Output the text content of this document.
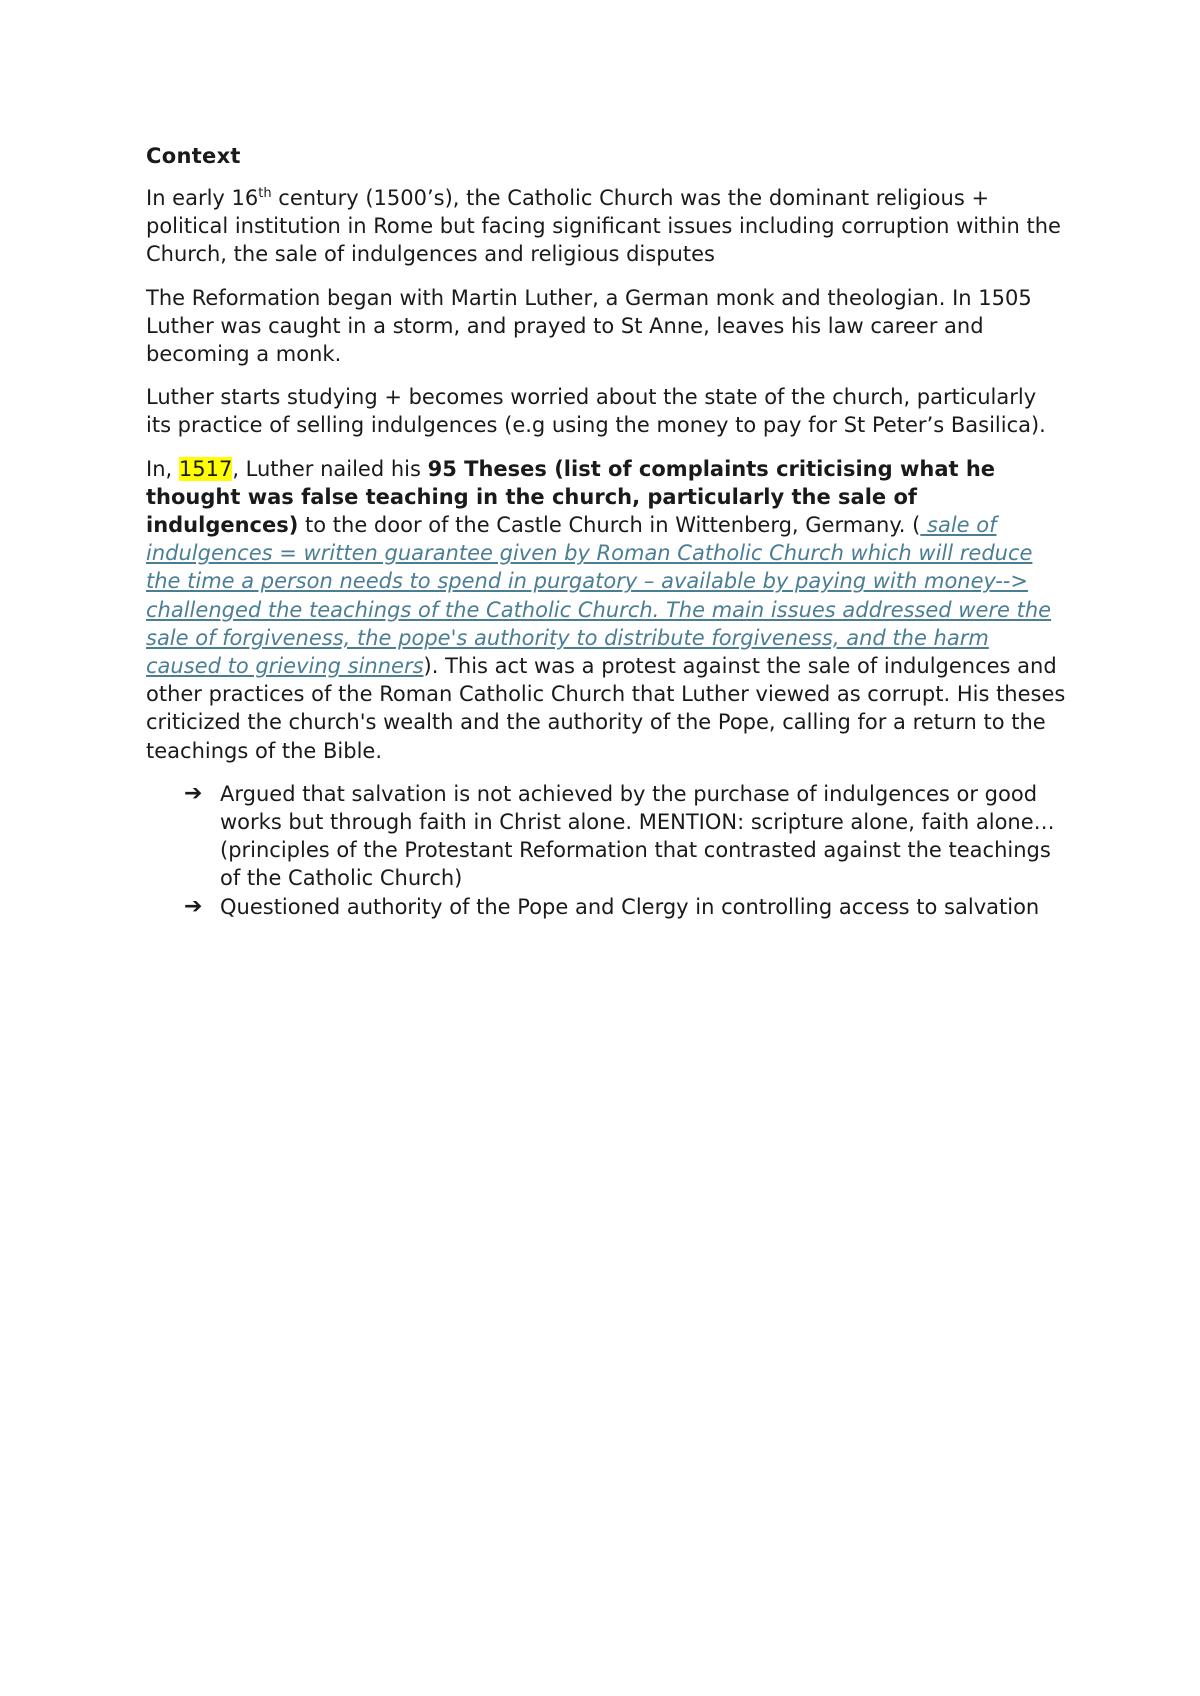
Context

In early 16th century (1500’s), the Catholic Church was the dominant religious + political institution in Rome but facing significant issues including corruption within the Church, the sale of indulgences and religious disputes

The Reformation began with Martin Luther, a German monk and theologian. In 1505 Luther was caught in a storm, and prayed to St Anne, leaves his law career and becoming a monk.

Luther starts studying + becomes worried about the state of the church, particularly its practice of selling indulgences (e.g using the money to pay for St Peter’s Basilica).

In, 1517, Luther nailed his 95 Theses (list of complaints criticising what he thought was false teaching in the church, particularly the sale of indulgences) to the door of the Castle Church in Wittenberg, Germany. ( sale of indulgences = written guarantee given by Roman Catholic Church which will reduce the time a person needs to spend in purgatory – available by paying with money--> challenged the teachings of the Catholic Church. The main issues addressed were the sale of forgiveness, the pope's authority to distribute forgiveness, and the harm caused to grieving sinners). This act was a protest against the sale of indulgences and other practices of the Roman Catholic Church that Luther viewed as corrupt. His theses criticized the church's wealth and the authority of the Pope, calling for a return to the teachings of the Bible.

➔ Argued that salvation is not achieved by the purchase of indulgences or good works but through faith in Christ alone. MENTION: scripture alone, faith alone… (principles of the Protestant Reformation that contrasted against the teachings of the Catholic Church)
➔ Questioned authority of the Pope and Clergy in controlling access to salvation
